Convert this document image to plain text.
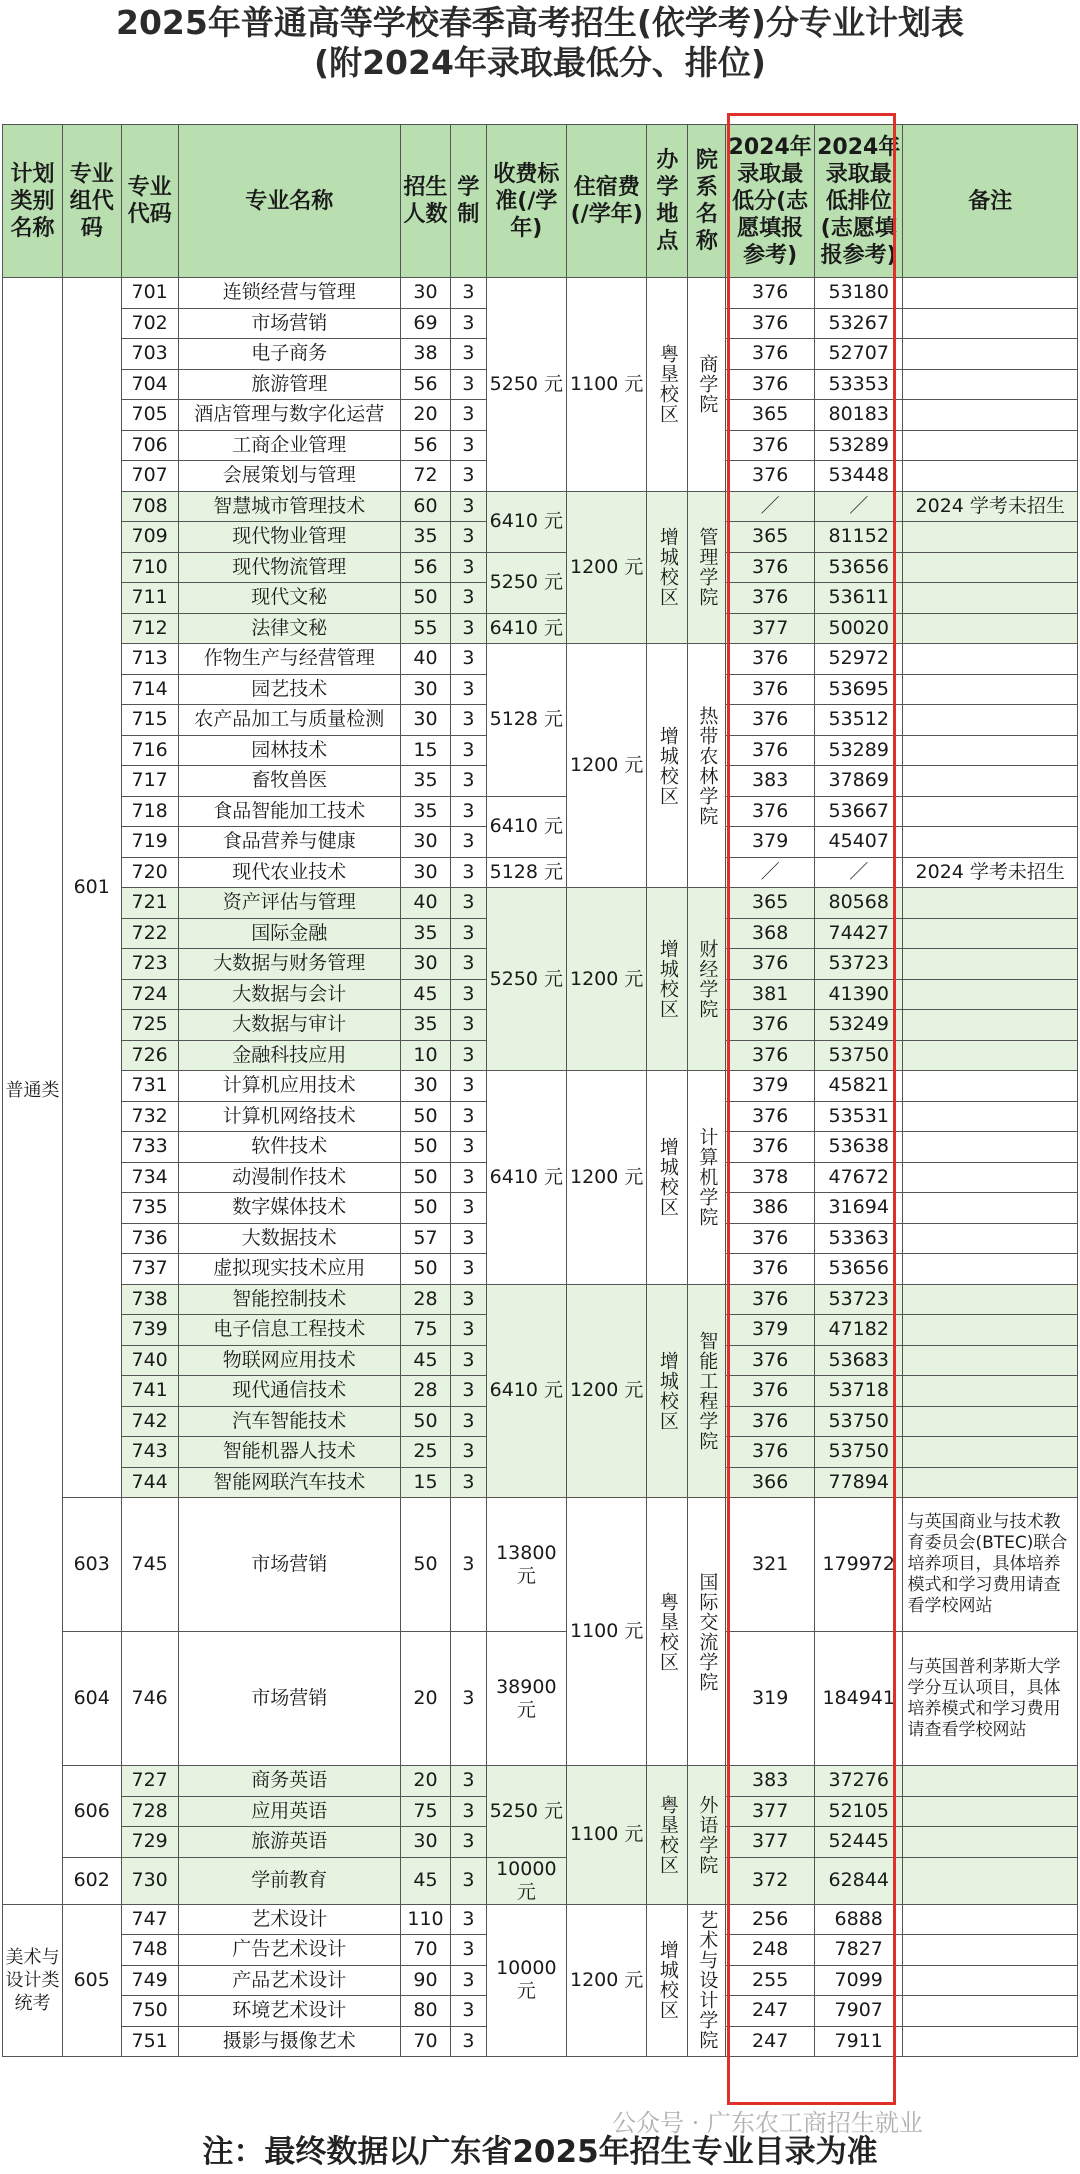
2025年普通高等学校春季高考招生(依学考)分专业计划表
(附2024年录取最低分、排位)
计划类别名称	专业组代码	专业代码	专业名称	招生人数	学制	收费标准(/学年)	住宿费(/学年)	办学地点	院系名称	2024年录取最低分(志愿填报参考)	2024年录取最低排位(志愿填报参考)	备注

普通类	601	701	连锁经营与管理	30	3	5250 元	1100 元	粤垦校区	商学院	376	53180	
		702	市场营销	69	3					376	53267	
		703	电子商务	38	3					376	52707	
		704	旅游管理	56	3					376	53353	
		705	酒店管理与数字化运营	20	3					365	80183	
		706	工商企业管理	56	3					376	53289	
		707	会展策划与管理	72	3					376	53448	
		708	智慧城市管理技术	60	3	6410 元	1200 元	增城校区	管理学院	／	／	2024 学考未招生
		709	现代物业管理	35	3					365	81152	
		710	现代物流管理	56	3	5250 元				376	53656	
		711	现代文秘	50	3					376	53611	
		712	法律文秘	55	3	6410 元				377	50020	
		713	作物生产与经营管理	40	3	5128 元	1200 元	增城校区	热带农林学院	376	52972	
		714	园艺技术	30	3					376	53695	
		715	农产品加工与质量检测	30	3					376	53512	
		716	园林技术	15	3					376	53289	
		717	畜牧兽医	35	3					383	37869	
		718	食品智能加工技术	35	3	6410 元				376	53667	
		719	食品营养与健康	30	3					379	45407	
		720	现代农业技术	30	3	5128 元				／	／	2024 学考未招生
		721	资产评估与管理	40	3	5250 元	1200 元	增城校区	财经学院	365	80568	
		722	国际金融	35	3					368	74427	
		723	大数据与财务管理	30	3					376	53723	
		724	大数据与会计	45	3					381	41390	
		725	大数据与审计	35	3					376	53249	
		726	金融科技应用	10	3					376	53750	
		731	计算机应用技术	30	3	6410 元	1200 元	增城校区	计算机学院	379	45821	
		732	计算机网络技术	50	3					376	53531	
		733	软件技术	50	3					376	53638	
		734	动漫制作技术	50	3					378	47672	
		735	数字媒体技术	50	3					386	31694	
		736	大数据技术	57	3					376	53363	
		737	虚拟现实技术应用	50	3					376	53656	
		738	智能控制技术	28	3	6410 元	1200 元	增城校区	智能工程学院	376	53723	
		739	电子信息工程技术	75	3					379	47182	
		740	物联网应用技术	45	3					376	53683	
		741	现代通信技术	28	3					376	53718	
		742	汽车智能技术	50	3					376	53750	
		743	智能机器人技术	25	3					376	53750	
		744	智能网联汽车技术	15	3					366	77894	
	603	745	市场营销	50	3	13800 元	1100 元	粤垦校区	国际交流学院	321	179972	与英国商业与技术教育委员会(BTEC)联合培养项目，具体培养模式和学习费用请查看学校网站
	604	746	市场营销	20	3	38900 元				319	184941	与英国普利茅斯大学学分互认项目，具体培养模式和学习费用请查看学校网站
	606	727	商务英语	20	3	5250 元	1100 元	粤垦校区	外语学院	383	37276	
		728	应用英语	75	3					377	52105	
		729	旅游英语	30	3					377	52445	
	602	730	学前教育	45	3	10000 元				372	62844	

美术与设计类统考	605	747	艺术设计	110	3	10000 元	1200 元	增城校区	艺术与设计学院	256	6888	
		748	广告艺术设计	70	3					248	7827	
		749	产品艺术设计	90	3					255	7099	
		750	环境艺术设计	80	3					247	7907	
		751	摄影与摄像艺术	70	3					247	7911	
公众号 · 广东农工商招生就业
注：最终数据以广东省2025年招生专业目录为准
